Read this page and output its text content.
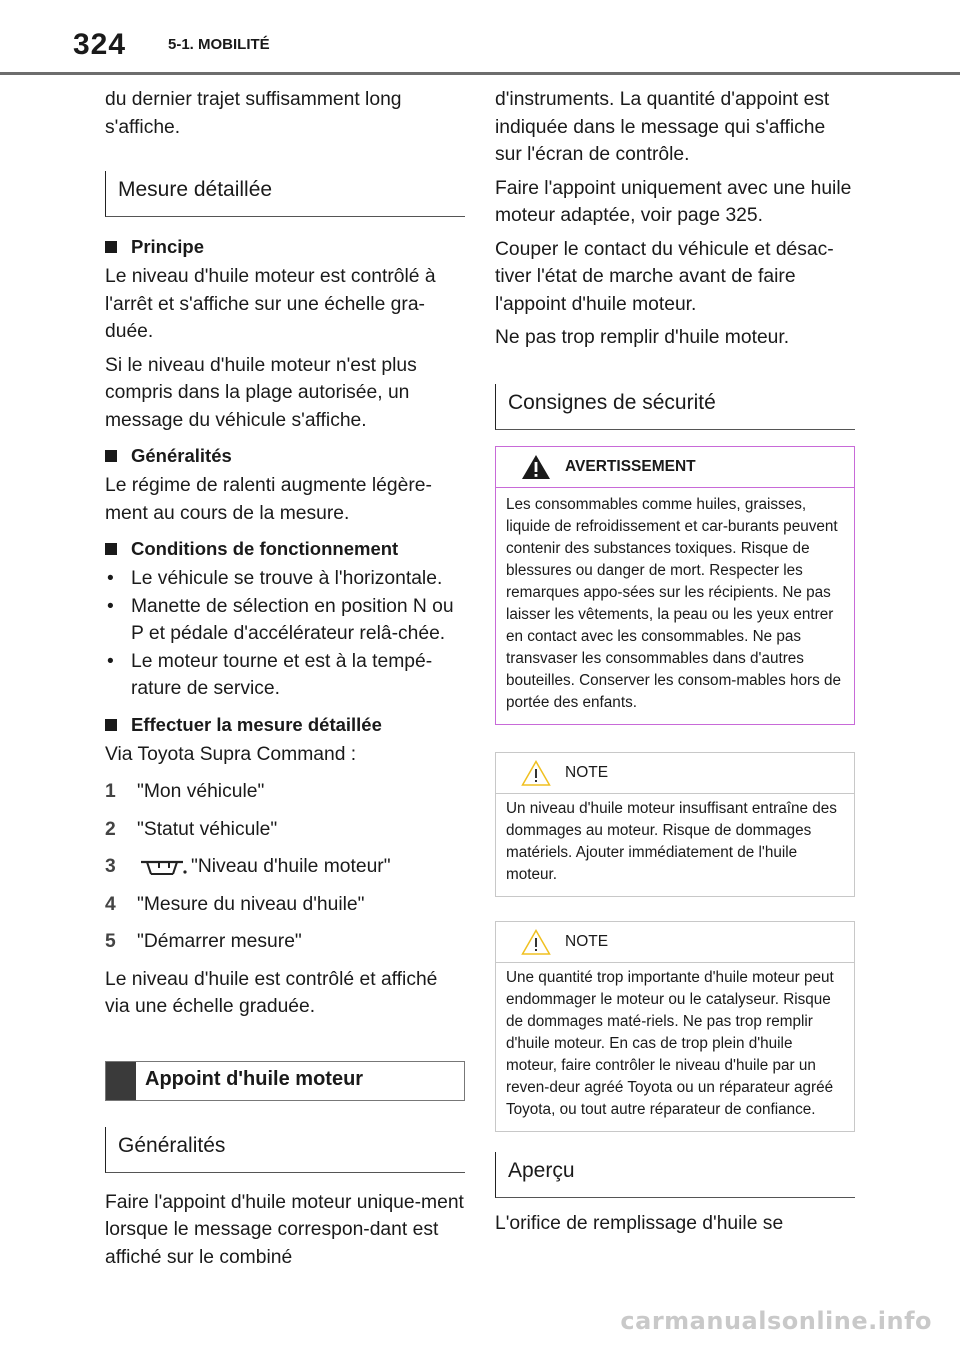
324	5-1. MOBILITÉ

du dernier trajet suffisamment long s'affiche.

Mesure détaillée
Principe

Le niveau d'huile moteur est contrôlé à l'arrêt et s'affiche sur une échelle gra-duée.

Si le niveau d'huile moteur n'est plus compris dans la plage autorisée, un message du véhicule s'affiche.

Généralités

Le régime de ralenti augmente légère-ment au cours de la mesure.

Conditions de fonctionnement
• Le véhicule se trouve à l'horizontale.
• Manette de sélection en position N ou P et pédale d'accélérateur relâ-chée.
• Le moteur tourne et est à la tempé-rature de service.
Effectuer la mesure détaillée

Via Toyota Supra Command :

1	"Mon véhicule"
2	"Statut véhicule"
3	"Niveau d'huile moteur"
4	"Mesure du niveau d'huile"
5	"Démarrer mesure"

Le niveau d'huile est contrôlé et affiché via une échelle graduée.

Appoint d'huile moteur
Généralités

Faire l'appoint d'huile moteur unique-ment lorsque le message correspon-dant est affiché sur le combiné

d'instruments. La quantité d'appoint est indiquée dans le message qui s'affiche sur l'écran de contrôle.

Faire l'appoint uniquement avec une huile moteur adaptée, voir page 325.

Couper le contact du véhicule et désac-tiver l'état de marche avant de faire l'appoint d'huile moteur.

Ne pas trop remplir d'huile moteur.

Consignes de sécurité
AVERTISSEMENT
Les consommables comme huiles, graisses, liquide de refroidissement et car-burants peuvent contenir des substances toxiques. Risque de blessures ou danger de mort. Respecter les remarques appo-sées sur les récipients. Ne pas laisser les vêtements, la peau ou les yeux entrer en contact avec les consommables. Ne pas transvaser les consommables dans d'autres bouteilles. Conserver les consom-mables hors de portée des enfants.
NOTE
Un niveau d'huile moteur insuffisant entraîne des dommages au moteur. Risque de dommages matériels. Ajouter immédiatement de l'huile moteur.
NOTE
Une quantité trop importante d'huile moteur peut endommager le moteur ou le catalyseur. Risque de dommages maté-riels. Ne pas trop remplir d'huile moteur. En cas de trop plein d'huile moteur, faire contrôler le niveau d'huile par un reven-deur agréé Toyota ou un réparateur agréé Toyota, ou tout autre réparateur de confiance.
Aperçu

L'orifice de remplissage d'huile se

carmanualsonline.info
